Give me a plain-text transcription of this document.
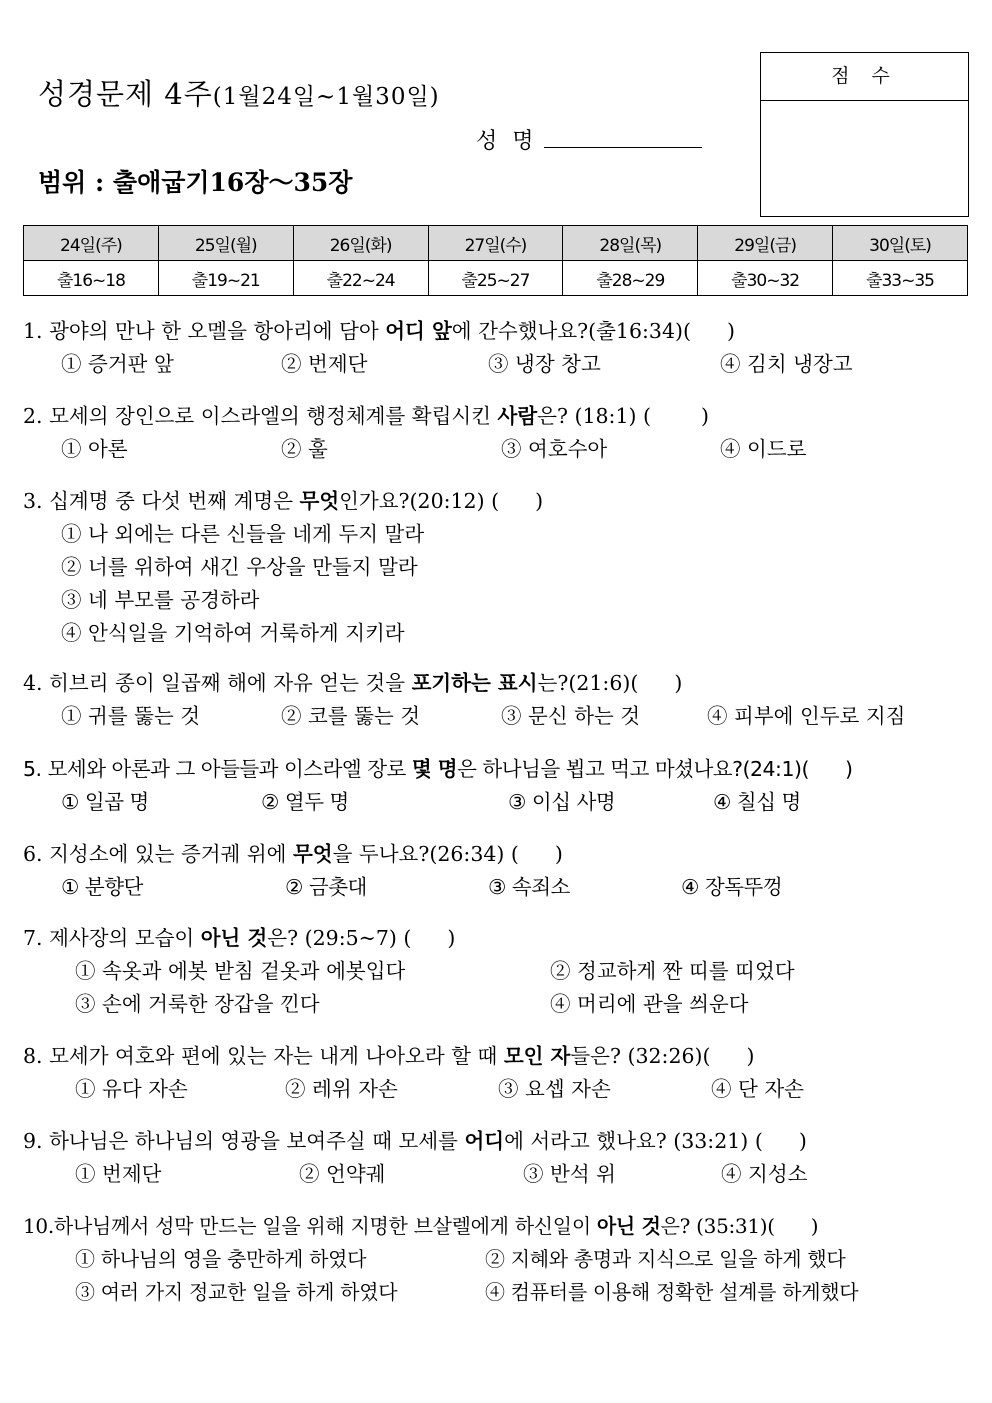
성경문제 4주(1월24일~1월30일)
성 명
범위 : 출애굽기16장～35장
점 수
24일(주)	25일(월)	26일(화)	27일(수)	28일(목)	29일(금)	30일(토)
출16~18	출19~21	출22~24	출25~27	출28~29	출30~32	출33~35
1. 광야의 만나 한 오멜을 항아리에 담아 어디 앞에 간수했나요?(출16:34)( )
① 증거판 앞	② 번제단	③ 냉장 창고	④ 김치 냉장고
2. 모세의 장인으로 이스라엘의 행정체계를 확립시킨 사람은? (18:1) ( )
① 아론	② 훌	③ 여호수아	④ 이드로
3. 십계명 중 다섯 번째 계명은 무엇인가요?(20:12) ( )
① 나 외에는 다른 신들을 네게 두지 말라
② 너를 위하여 새긴 우상을 만들지 말라
③ 네 부모를 공경하라
④ 안식일을 기억하여 거룩하게 지키라
4. 히브리 종이 일곱째 해에 자유 얻는 것을 포기하는 표시는?(21:6)( )
① 귀를 뚫는 것	② 코를 뚫는 것	③ 문신 하는 것	④ 피부에 인두로 지짐
5. 모세와 아론과 그 아들들과 이스라엘 장로 몇 명은 하나님을 뵙고 먹고 마셨나요?(24:1)( )
① 일곱 명	② 열두 명	③ 이십 사명	④ 칠십 명
6. 지성소에 있는 증거궤 위에 무엇을 두나요?(26:34) ( )
① 분향단	② 금촛대	③ 속죄소	④ 장독뚜껑
7. 제사장의 모습이 아닌 것은? (29:5~7) ( )
① 속옷과 에봇 받침 겉옷과 에봇입다	② 정교하게 짠 띠를 띠었다
③ 손에 거룩한 장갑을 낀다	④ 머리에 관을 씌운다
8. 모세가 여호와 편에 있는 자는 내게 나아오라 할 때 모인 자들은? (32:26)( )
① 유다 자손	② 레위 자손	③ 요셉 자손	④ 단 자손
9. 하나님은 하나님의 영광을 보여주실 때 모세를 어디에 서라고 했나요? (33:21) ( )
① 번제단	② 언약궤	③ 반석 위	④ 지성소
10.하나님께서 성막 만드는 일을 위해 지명한 브살렐에게 하신일이 아닌 것은? (35:31)( )
① 하나님의 영을 충만하게 하였다	② 지혜와 총명과 지식으로 일을 하게 했다
③ 여러 가지 정교한 일을 하게 하였다	④ 컴퓨터를 이용해 정확한 설계를 하게했다
